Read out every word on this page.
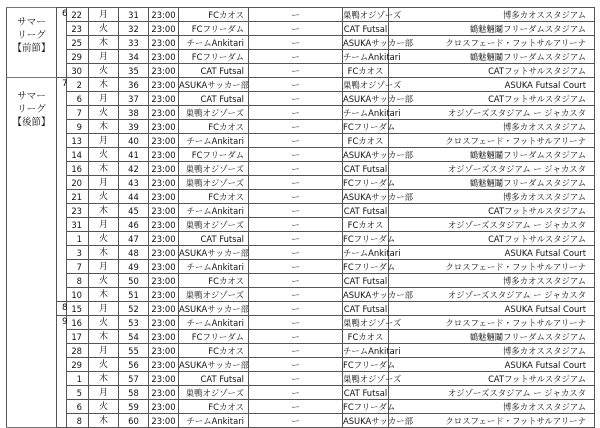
サマー
リーグ
【前節】	6	22	月	31	23:00	FCカオス	ー	巣鴨オジゾーズ	博多カオススタジアム
		23	火	32	23:00	FCフリーダム	ー	CAT Futsal	鶴魅魎鬮フリーダムスタジアム
		25	木	33	23:00	チームAnkitari	ー	ASUKAサッカー部	クロスフェード・フットサルアリーナ
		29	月	34	23:00	FCフリーダム	ー	チームAnkitari	鶴魅魎鬮フリーダムスタジアム
		30	火	35	23:00	CAT Futsal	ー	FCカオス	CATフットサルスタジアム

サマー
リーグ
【後節】	7	2	木	36	23:00	ASUKAサッカー部	ー	巣鴨オジゾーズ	ASUKA Futsal Court
		6	月	37	23:00	CAT Futsal	ー	ASUKAサッカー部	CATフットサルスタジアム
		7	火	38	23:00	巣鴨オジゾーズ	ー	チームAnkitari	オジゾーズスタジアム ー ジャカスタ
		9	木	39	23:00	FCカオス	ー	FCフリーダム	博多カオススタジアム
		13	月	40	23:00	チームAnkitari	ー	FCカオス	クロスフェード・フットサルアリーナ
		14	火	41	23:00	FCフリーダム	ー	ASUKAサッカー部	鶴魅魎鬮フリーダムスタジアム
		16	木	42	23:00	巣鴨オジゾーズ	ー	CAT Futsal	オジゾーズスタジアム ー ジャカスタ
		20	月	43	23:00	巣鴨オジゾーズ	ー	FCフリーダム	鶴魅魎鬮フリーダムスタジアム
		21	火	44	23:00	FCカオス	ー	ASUKAサッカー部	博多カオススタジアム
		23	木	45	23:00	チームAnkitari	ー	CAT Futsal	CATフットサルスタジアム
		31	月	46	23:00	巣鴨オジゾーズ	ー	FCカオス	オジゾーズスタジアム ー ジャカスタ
		1	火	47	23:00	CAT Futsal	ー	FCフリーダム	CATフットサルスタジアム
		3	木	48	23:00	ASUKAサッカー部	ー	チームAnkitari	ASUKA Futsal Court
		7	月	49	23:00	チームAnkitari	ー	FCフリーダム	クロスフェード・フットサルアリーナ
		8	火	50	23:00	FCカオス	ー	CAT Futsal	博多カオススタジアム
		10	木	51	23:00	巣鴨オジゾーズ	ー	ASUKAサッカー部	オジゾーズスタジアム ー ジャカスタ
	8	15	月	52	23:00	ASUKAサッカー部	ー	CAT Futsal	ASUKA Futsal Court
	9	16	火	53	23:00	チームAnkitari	ー	巣鴨オジゾーズ	クロスフェード・フットサルアリーナ
		17	木	54	23:00	FCフリーダム	ー	FCカオス	鶴魅魎鬮フリーダムスタジアム
		28	月	55	23:00	FCカオス	ー	チームAnkitari	博多カオススタジアム
		29	火	56	23:00	ASUKAサッカー部	ー	FCフリーダム	ASUKA Futsal Court
		1	木	57	23:00	CAT Futsal	ー	巣鴨オジゾーズ	CATフットサルスタジアム
		5	月	58	23:00	巣鴨オジゾーズ	ー	CAT Futsal	オジゾーズスタジアム ー ジャカスタ
		6	火	59	23:00	FCカオス	ー	FCフリーダム	博多カオススタジアム
		8	木	60	23:00	チームAnkitari	ー	ASUKAサッカー部	クロスフェード・フットサルアリーナ
